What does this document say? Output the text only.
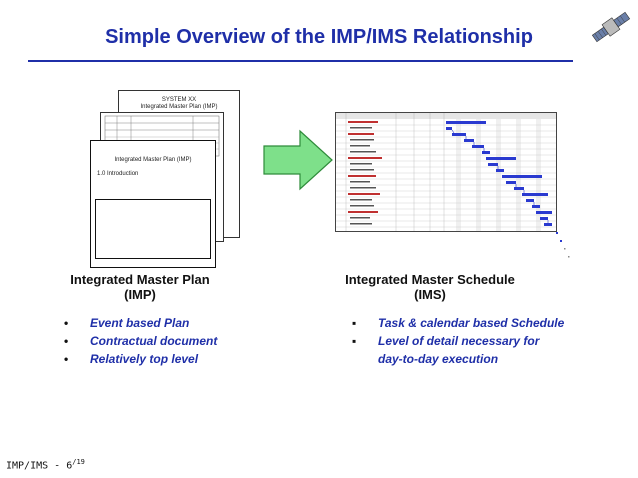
Simple Overview of the IMP/IMS Relationship
SYSTEM XX
Integrated Master Plan (IMP)
Integrated Master Plan (IMP)
1.0 Introduction
Integrated Master Plan
(IMP)
Integrated Master Schedule
(IMS)
• Event based Plan
• Contractual document
• Relatively top level
▪ Task & calendar based Schedule
▪ Level of detail necessary for day-to-day execution
$IMP/IMS - 6^{/19}$
